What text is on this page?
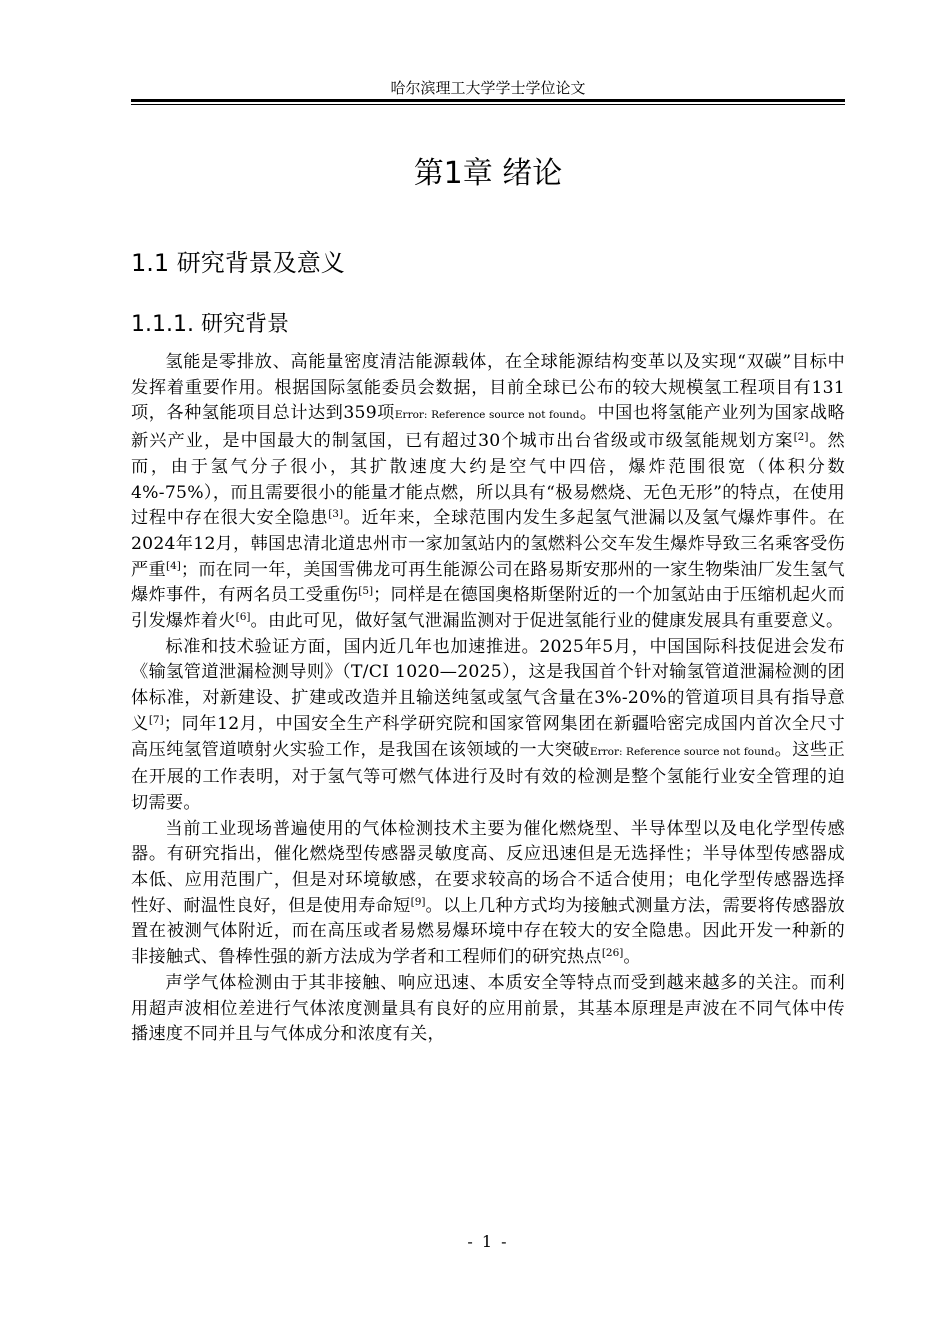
哈尔滨理工大学学士学位论文
第1章 绪论
1.1 研究背景及意义
1.1.1. 研究背景

氢能是零排放、高能量密度清洁能源载体，在全球能源结构变革以及实现“双碳”目标中发挥着重要作用。根据国际氢能委员会数据，目前全球已公布的较大规模氢工程项目有131项，各种氢能项目总计达到359项Error: Reference source not found。中国也将氢能产业列为国家战略新兴产业，是中国最大的制氢国，已有超过30个城市出台省级或市级氢能规划方案[2]。然而，由于氢气分子很小，其扩散速度大约是空气中四倍，爆炸范围很宽（体积分数4%-75%），而且需要很小的能量才能点燃，所以具有“极易燃烧、无色无形”的特点，在使用过程中存在很大安全隐患[3]。近年来，全球范围内发生多起氢气泄漏以及氢气爆炸事件。在2024年12月，韩国忠清北道忠州市一家加氢站内的氢燃料公交车发生爆炸导致三名乘客受伤严重[4]；而在同一年，美国雪佛龙可再生能源公司在路易斯安那州的一家生物柴油厂发生氢气爆炸事件，有两名员工受重伤[5]；同样是在德国奥格斯堡附近的一个加氢站由于压缩机起火而引发爆炸着火[6]。由此可见，做好氢气泄漏监测对于促进氢能行业的健康发展具有重要意义。

标准和技术验证方面，国内近几年也加速推进。2025年5月，中国国际科技促进会发布《输氢管道泄漏检测导则》（T/CI 1020—2025），这是我国首个针对输氢管道泄漏检测的团体标准，对新建设、扩建或改造并且输送纯氢或氢气含量在3%-20%的管道项目具有指导意义[7]；同年12月，中国安全生产科学研究院和国家管网集团在新疆哈密完成国内首次全尺寸高压纯氢管道喷射火实验工作，是我国在该领域的一大突破Error: Reference source not found。这些正在开展的工作表明，对于氢气等可燃气体进行及时有效的检测是整个氢能行业安全管理的迫切需要。

当前工业现场普遍使用的气体检测技术主要为催化燃烧型、半导体型以及电化学型传感器。有研究指出，催化燃烧型传感器灵敏度高、反应迅速但是无选择性；半导体型传感器成本低、应用范围广，但是对环境敏感，在要求较高的场合不适合使用；电化学型传感器选择性好、耐温性良好，但是使用寿命短[9]。以上几种方式均为接触式测量方法，需要将传感器放置在被测气体附近，而在高压或者易燃易爆环境中存在较大的安全隐患。因此开发一种新的非接触式、鲁棒性强的新方法成为学者和工程师们的研究热点[26]。

声学气体检测由于其非接触、响应迅速、本质安全等特点而受到越来越多的关注。而利用超声波相位差进行气体浓度测量具有良好的应用前景，其基本原理是声波在不同气体中传播速度不同并且与气体成分和浓度有关，

- 1 -
